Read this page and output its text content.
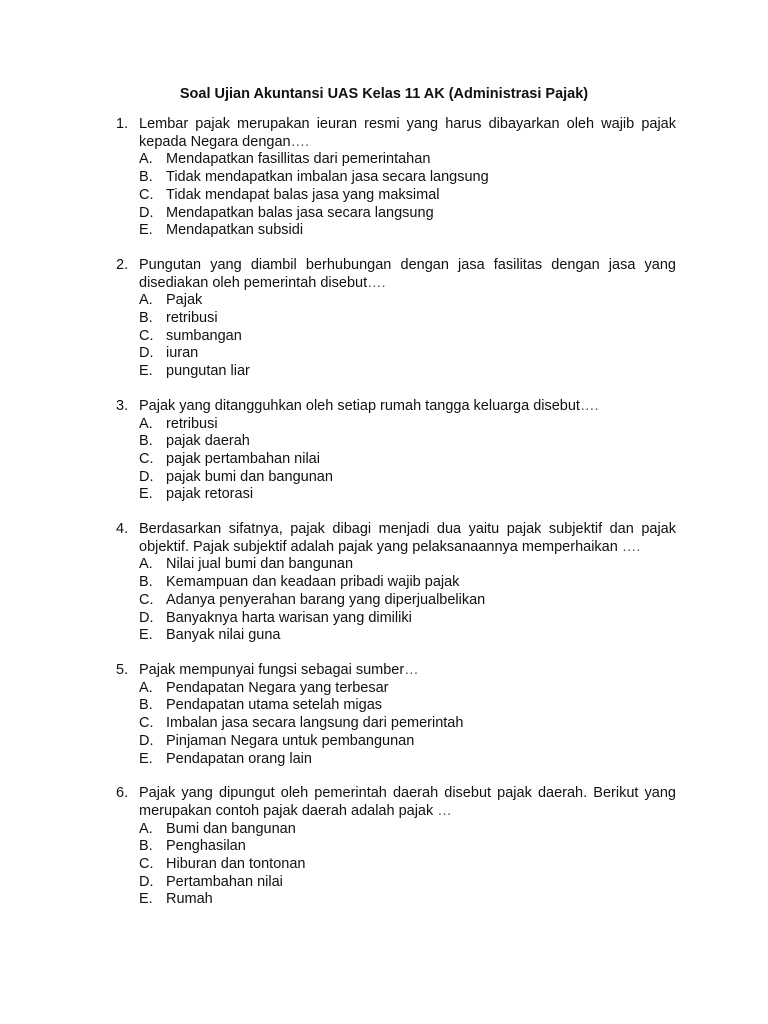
Soal Ujian Akuntansi UAS Kelas 11 AK (Administrasi Pajak)
1. Lembar pajak merupakan ieuran resmi yang harus dibayarkan oleh wajib pajak kepada Negara dengan….
A. Mendapatkan fasillitas dari pemerintahan
B. Tidak mendapatkan imbalan jasa secara langsung
C. Tidak mendapat balas jasa yang maksimal
D. Mendapatkan balas jasa secara langsung
E. Mendapatkan subsidi
2. Pungutan yang diambil berhubungan dengan jasa fasilitas dengan jasa yang disediakan oleh pemerintah disebut….
A. Pajak
B. retribusi
C. sumbangan
D. iuran
E. pungutan liar
3. Pajak yang ditangguhkan oleh setiap rumah tangga keluarga disebut….
A. retribusi
B. pajak daerah
C. pajak pertambahan nilai
D. pajak bumi dan bangunan
E. pajak retorasi
4. Berdasarkan sifatnya, pajak dibagi menjadi dua yaitu pajak subjektif dan pajak objektif. Pajak subjektif adalah pajak yang pelaksanaannya memperhaikan ….
A. Nilai jual bumi dan bangunan
B. Kemampuan dan keadaan pribadi wajib pajak
C. Adanya penyerahan barang yang diperjualbelikan
D. Banyaknya harta warisan yang dimiliki
E. Banyak nilai guna
5. Pajak mempunyai fungsi sebagai sumber…
A. Pendapatan Negara yang terbesar
B. Pendapatan utama setelah migas
C. Imbalan jasa secara langsung dari pemerintah
D. Pinjaman Negara untuk pembangunan
E. Pendapatan orang lain
6. Pajak yang dipungut oleh pemerintah daerah disebut pajak daerah. Berikut yang merupakan contoh pajak daerah adalah pajak …
A. Bumi dan bangunan
B. Penghasilan
C. Hiburan dan tontonan
D. Pertambahan nilai
E. Rumah
